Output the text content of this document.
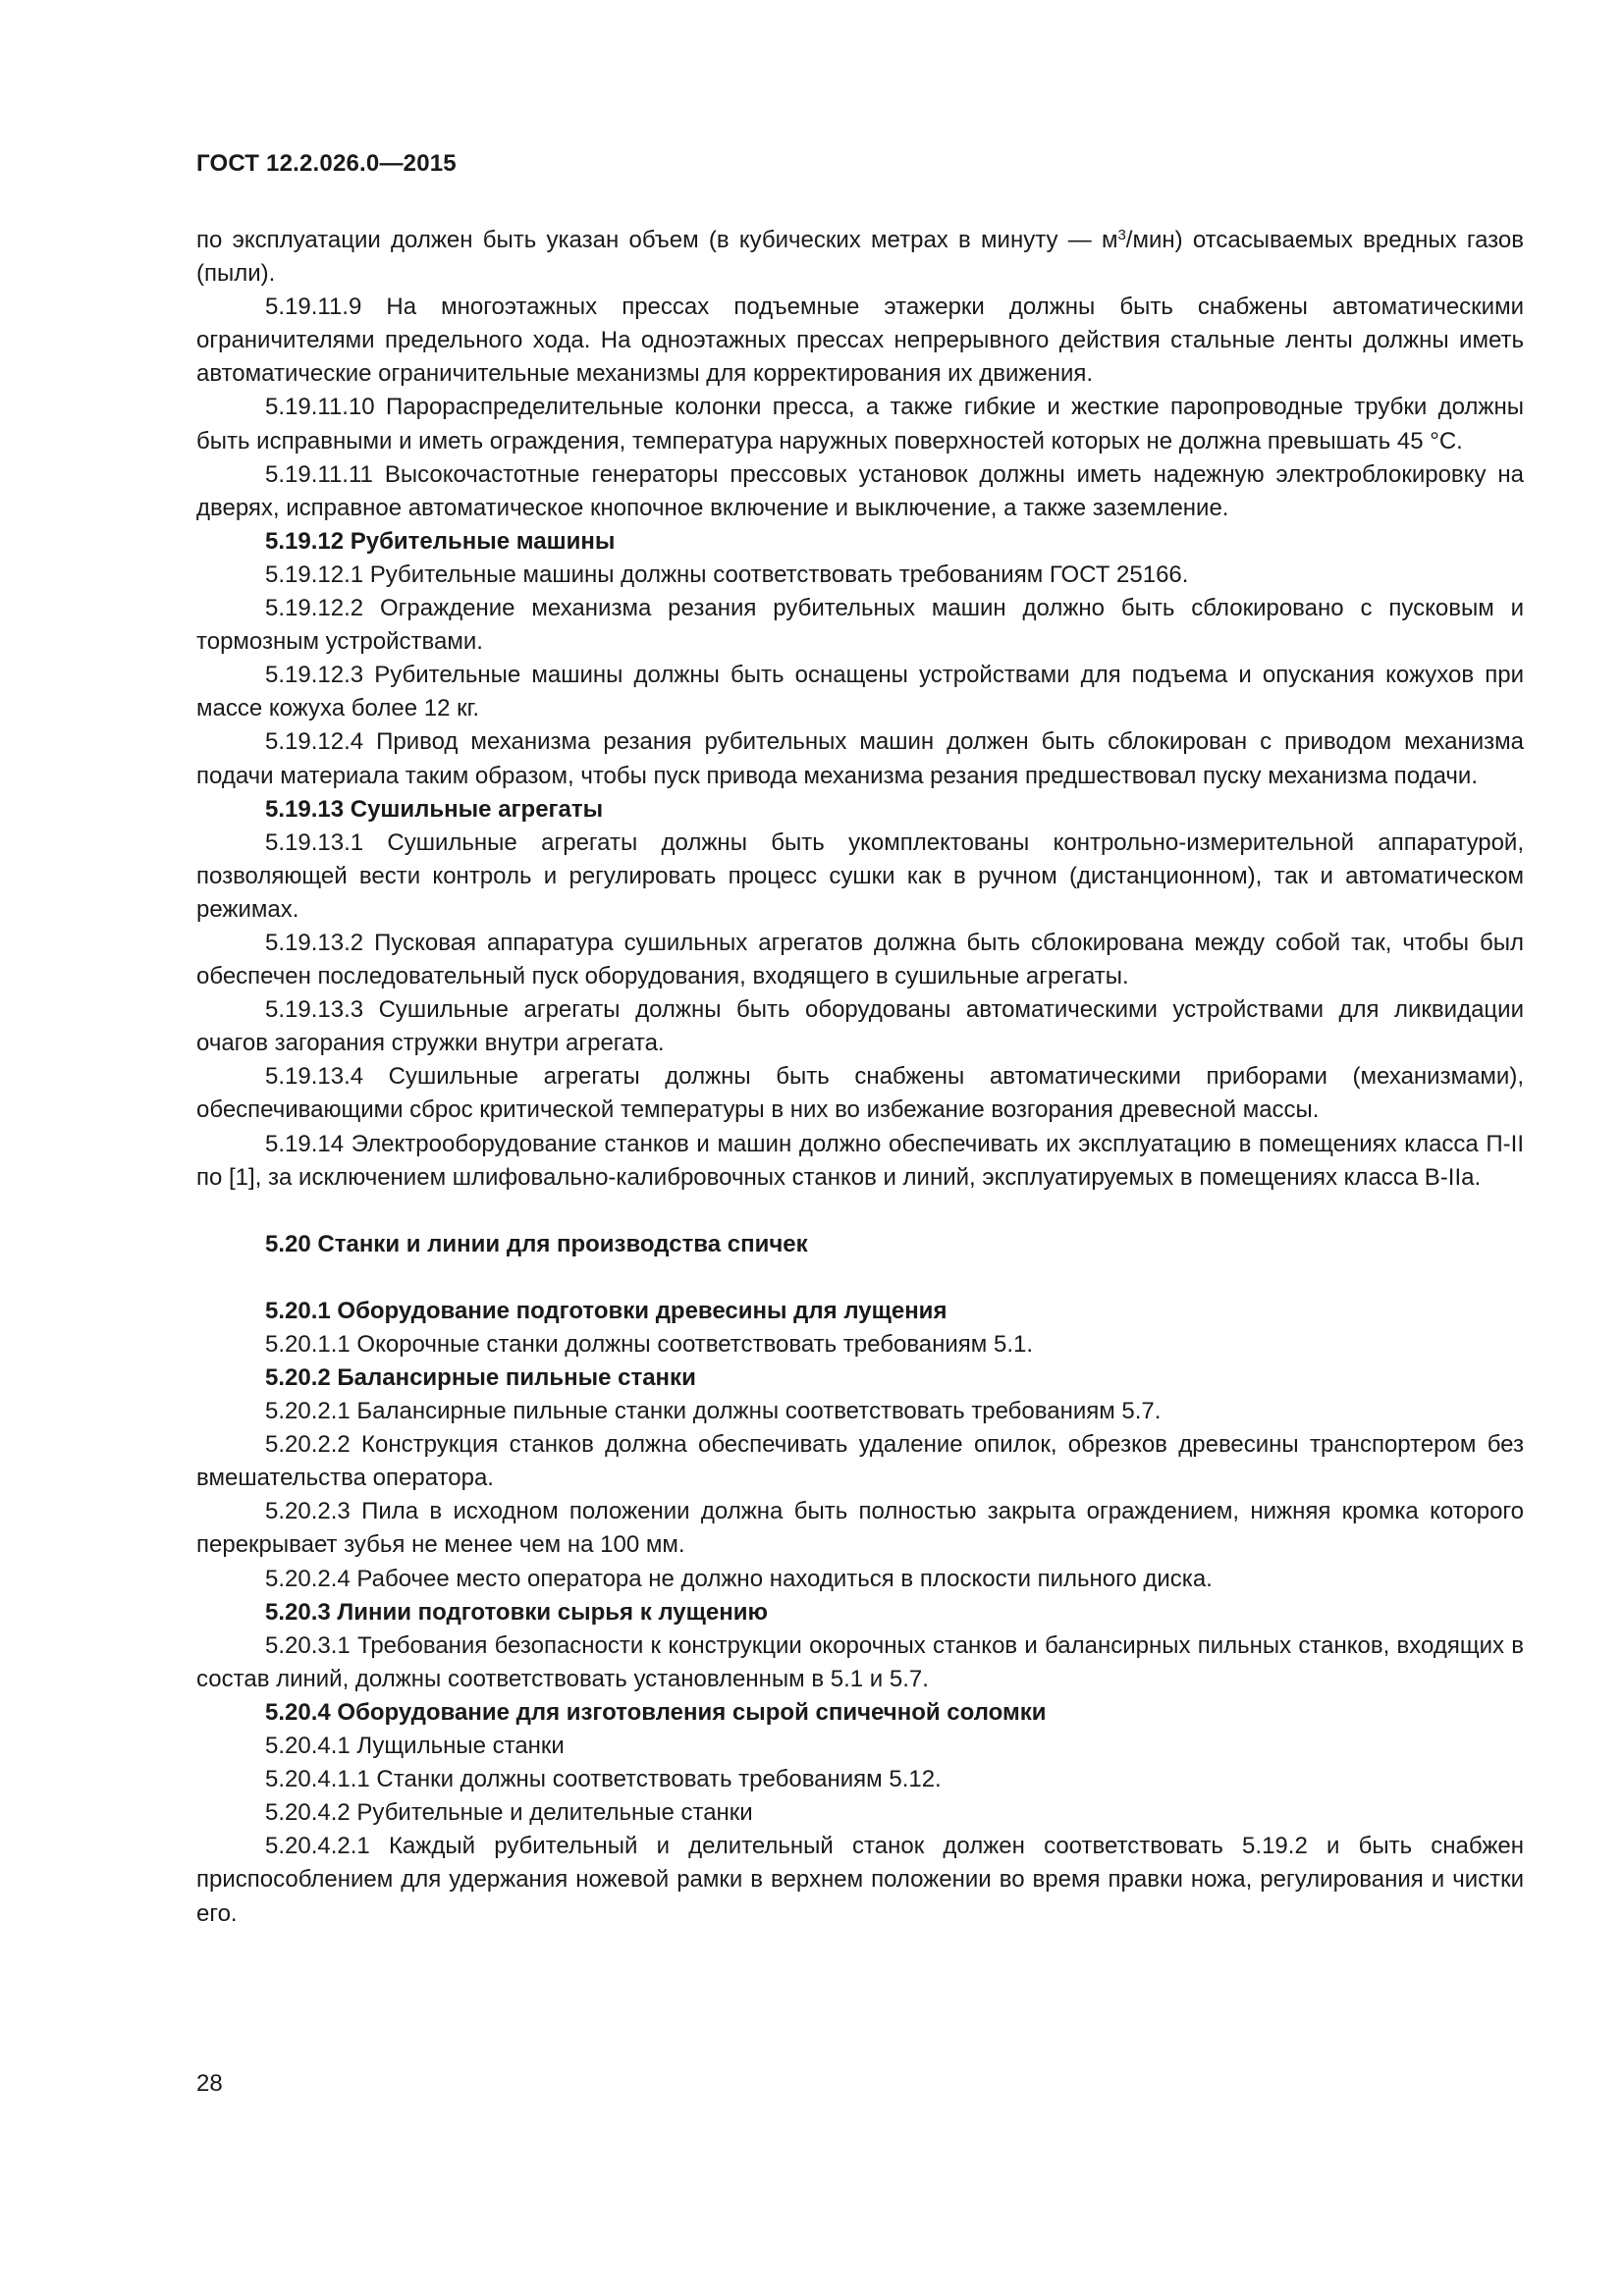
ГОСТ 12.2.026.0—2015

по эксплуатации должен быть указан объем (в кубических метрах в минуту — $м^3/мин$) отсасываемых вредных газов (пыли).

5.19.11.9 На многоэтажных прессах подъемные этажерки должны быть снабжены автоматическими ограничителями предельного хода. На одноэтажных прессах непрерывного действия стальные ленты должны иметь автоматические ограничительные механизмы для корректирования их движения.

5.19.11.10 Парораспределительные колонки пресса, а также гибкие и жесткие паропроводные трубки должны быть исправными и иметь ограждения, температура наружных поверхностей которых не должна превышать 45 °С.

5.19.11.11 Высокочастотные генераторы прессовых установок должны иметь надежную электроблокировку на дверях, исправное автоматическое кнопочное включение и выключение, а также заземление.

5.19.12 Рубительные машины

5.19.12.1 Рубительные машины должны соответствовать требованиям ГОСТ 25166.

5.19.12.2 Ограждение механизма резания рубительных машин должно быть сблокировано с пусковым и тормозным устройствами.

5.19.12.3 Рубительные машины должны быть оснащены устройствами для подъема и опускания кожухов при массе кожуха более 12 кг.

5.19.12.4 Привод механизма резания рубительных машин должен быть сблокирован с приводом механизма подачи материала таким образом, чтобы пуск привода механизма резания предшествовал пуску механизма подачи.

5.19.13 Сушильные агрегаты

5.19.13.1 Сушильные агрегаты должны быть укомплектованы контрольно-измерительной аппаратурой, позволяющей вести контроль и регулировать процесс сушки как в ручном (дистанционном), так и автоматическом режимах.

5.19.13.2 Пусковая аппаратура сушильных агрегатов должна быть сблокирована между собой так, чтобы был обеспечен последовательный пуск оборудования, входящего в сушильные агрегаты.

5.19.13.3 Сушильные агрегаты должны быть оборудованы автоматическими устройствами для ликвидации очагов загорания стружки внутри агрегата.

5.19.13.4 Сушильные агрегаты должны быть снабжены автоматическими приборами (механизмами), обеспечивающими сброс критической температуры в них во избежание возгорания древесной массы.

5.19.14 Электрооборудование станков и машин должно обеспечивать их эксплуатацию в помещениях класса П-II по [1], за исключением шлифовально-калибровочных станков и линий, эксплуатируемых в помещениях класса В-IIa.

5.20 Станки и линии для производства спичек

5.20.1 Оборудование подготовки древесины для лущения

5.20.1.1 Окорочные станки должны соответствовать требованиям 5.1.

5.20.2 Балансирные пильные станки

5.20.2.1 Балансирные пильные станки должны соответствовать требованиям 5.7.

5.20.2.2 Конструкция станков должна обеспечивать удаление опилок, обрезков древесины транспортером без вмешательства оператора.

5.20.2.3 Пила в исходном положении должна быть полностью закрыта ограждением, нижняя кромка которого перекрывает зубья не менее чем на 100 мм.

5.20.2.4 Рабочее место оператора не должно находиться в плоскости пильного диска.

5.20.3 Линии подготовки сырья к лущению

5.20.3.1 Требования безопасности к конструкции окорочных станков и балансирных пильных станков, входящих в состав линий, должны соответствовать установленным в 5.1 и 5.7.

5.20.4 Оборудование для изготовления сырой спичечной соломки

5.20.4.1 Лущильные станки

5.20.4.1.1 Станки должны соответствовать требованиям 5.12.

5.20.4.2 Рубительные и делительные станки

5.20.4.2.1 Каждый рубительный и делительный станок должен соответствовать 5.19.2 и быть снабжен приспособлением для удержания ножевой рамки в верхнем положении во время правки ножа, регулирования и чистки его.

28
